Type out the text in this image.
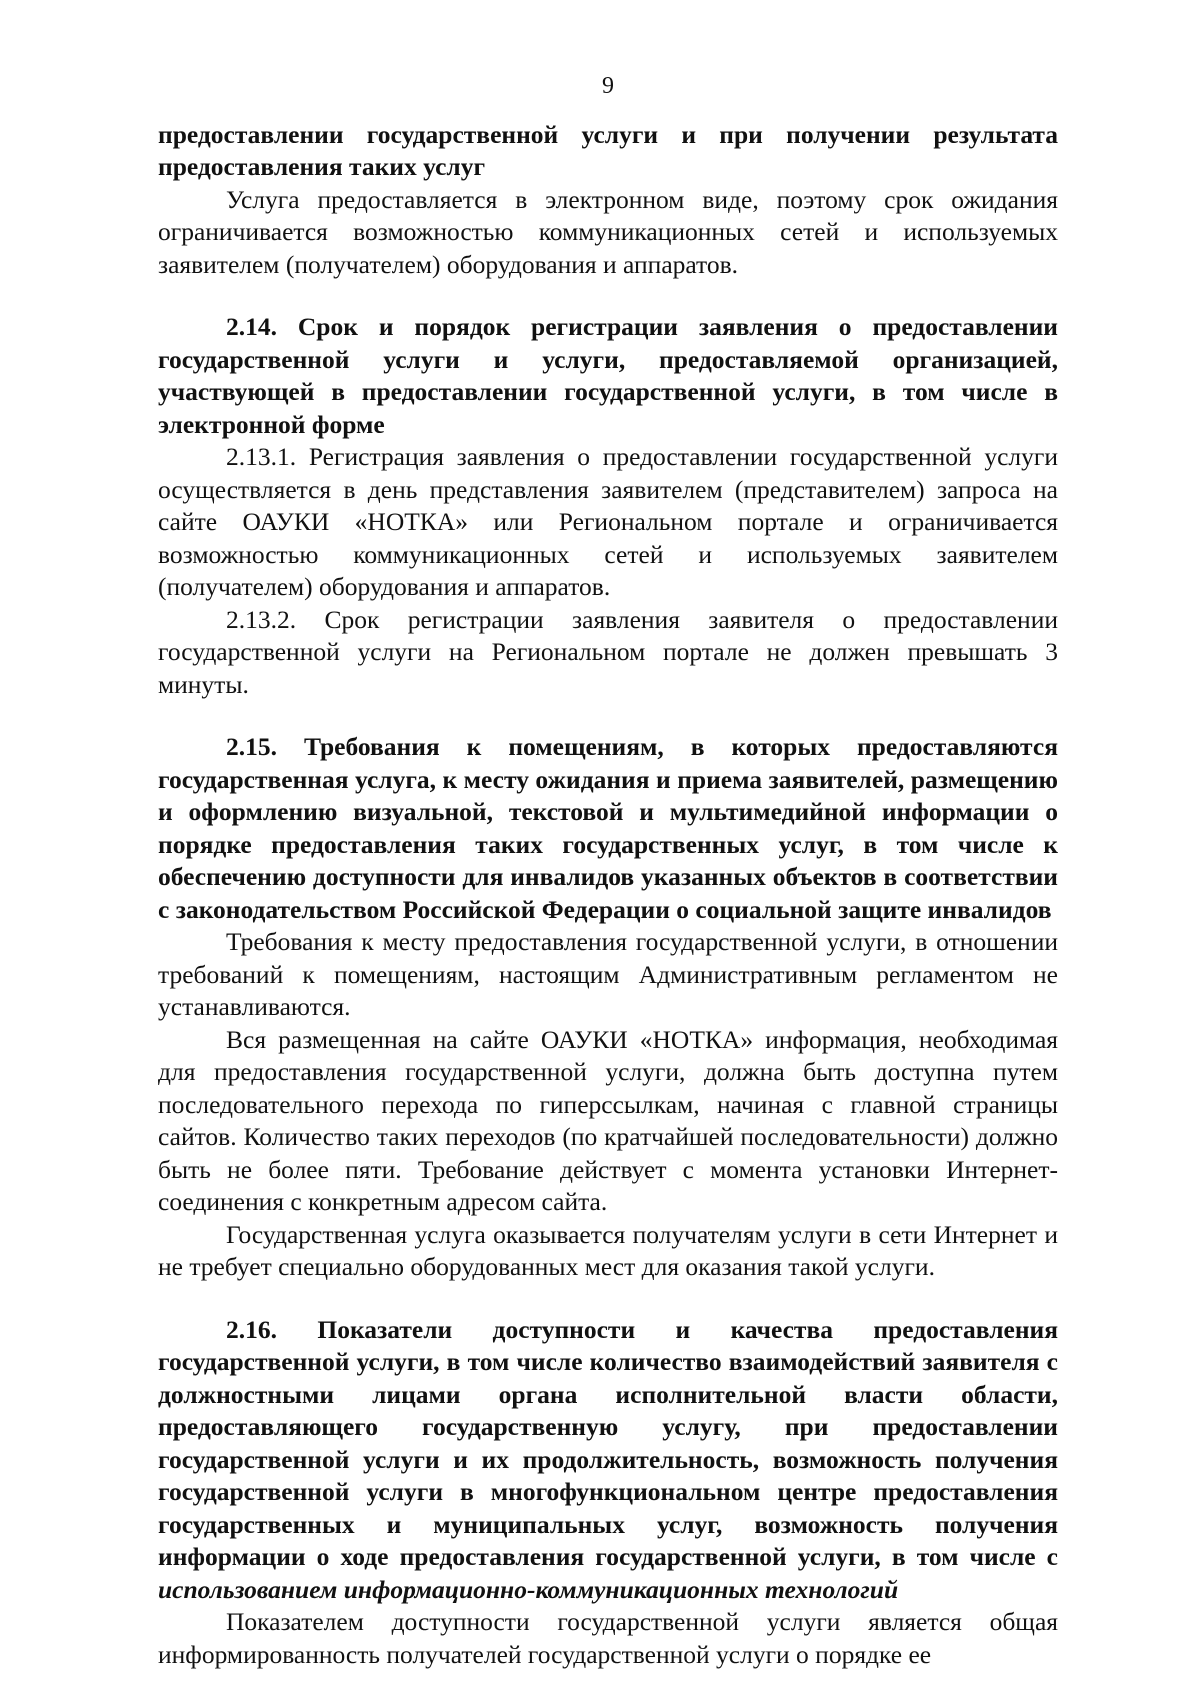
9

предоставлении государственной услуги и при получении результата предоставления таких услуг

Услуга предоставляется в электронном виде, поэтому срок ожидания ограничивается возможностью коммуникационных сетей и используемых заявителем (получателем) оборудования и аппаратов.

2.14. Срок и порядок регистрации заявления о предоставлении государственной услуги и услуги, предоставляемой организацией, участвующей в предоставлении государственной услуги, в том числе в электронной форме

2.13.1. Регистрация заявления о предоставлении государственной услуги осуществляется в день представления заявителем (представителем) запроса на сайте ОАУКИ «НОТКА» или Региональном портале и ограничивается возможностью коммуникационных сетей и используемых заявителем (получателем) оборудования и аппаратов.

2.13.2. Срок регистрации заявления заявителя о предоставлении государственной услуги на Региональном портале не должен превышать 3 минуты.

2.15. Требования к помещениям, в которых предоставляются государственная услуга, к месту ожидания и приема заявителей, размещению и оформлению визуальной, текстовой и мультимедийной информации о порядке предоставления таких государственных услуг, в том числе к обеспечению доступности для инвалидов указанных объектов в соответствии с законодательством Российской Федерации о социальной защите инвалидов

Требования к месту предоставления государственной услуги, в отношении требований к помещениям, настоящим Административным регламентом не устанавливаются.

Вся размещенная на сайте ОАУКИ «НОТКА» информация, необходимая для предоставления государственной услуги, должна быть доступна путем последовательного перехода по гиперссылкам, начиная с главной страницы сайтов. Количество таких переходов (по кратчайшей последовательности) должно быть не более пяти. Требование действует с момента установки Интернет-соединения с конкретным адресом сайта.

Государственная услуга оказывается получателям услуги в сети Интернет и не требует специально оборудованных мест для оказания такой услуги.

2.16. Показатели доступности и качества предоставления государственной услуги, в том числе количество взаимодействий заявителя с должностными лицами органа исполнительной власти области, предоставляющего государственную услугу, при предоставлении государственной услуги и их продолжительность, возможность получения государственной услуги в многофункциональном центре предоставления государственных и муниципальных услуг, возможность получения информации о ходе предоставления государственной услуги, в том числе с использованием информационно-коммуникационных технологий

Показателем доступности государственной услуги является общая информированность получателей государственной услуги о порядке ее
